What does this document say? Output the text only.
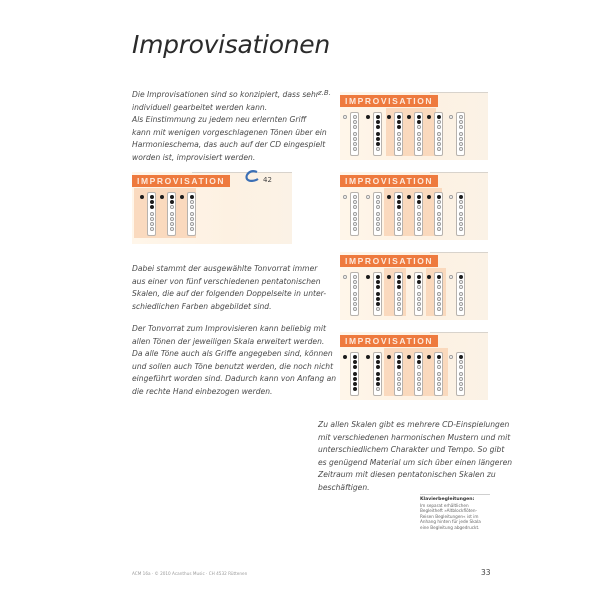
Improvisationen
Die Improvisationen sind so konzipiert, dass sehr
individuell gearbeitet werden kann.
Als Einstimmung zu jedem neu erlernten Griff
kann mit wenigen vorgeschlagenen Tönen über ein
Harmonieschema, das auch auf der CD eingespielt
worden ist, improvisiert werden.
IMPROVISATION	42
Dabei stammt der ausgewählte Tonvorrat immer
aus einer von fünf verschiedenen pentatonischen
Skalen, die auf der folgenden Doppelseite in unter-
schiedlichen Farben abgebildet sind.
Der Tonvorrat zum Improvisieren kann beliebig mit
allen Tönen der jeweiligen Skala erweitert werden.
Da alle Töne auch als Griffe angegeben sind, können
und sollen auch Töne benutzt werden, die noch nicht
eingeführt worden sind. Dadurch kann von Anfang an
die rechte Hand einbezogen werden.
z.B.
IMPROVISATION
IMPROVISATION
IMPROVISATION
IMPROVISATION
Zu allen Skalen gibt es mehrere CD-Einspielungen
mit verschiedenen harmonischen Mustern und mit
unterschiedlichem Charakter und Tempo. So gibt
es genügend Material um sich über einen längeren
Zeitraum mit diesen pentatonischen Skalen zu
beschäftigen.
Klavierbegleitungen:
Im separat erhältlichen Begleitheft »Altblockflöten-Reisen Begleitungen« ist im Anhang hinten für jede Skala eine Begleitung abgedruckt.
ACM 16a · © 2010 Acanthus Music · CH 4532 Rüttenen	33
